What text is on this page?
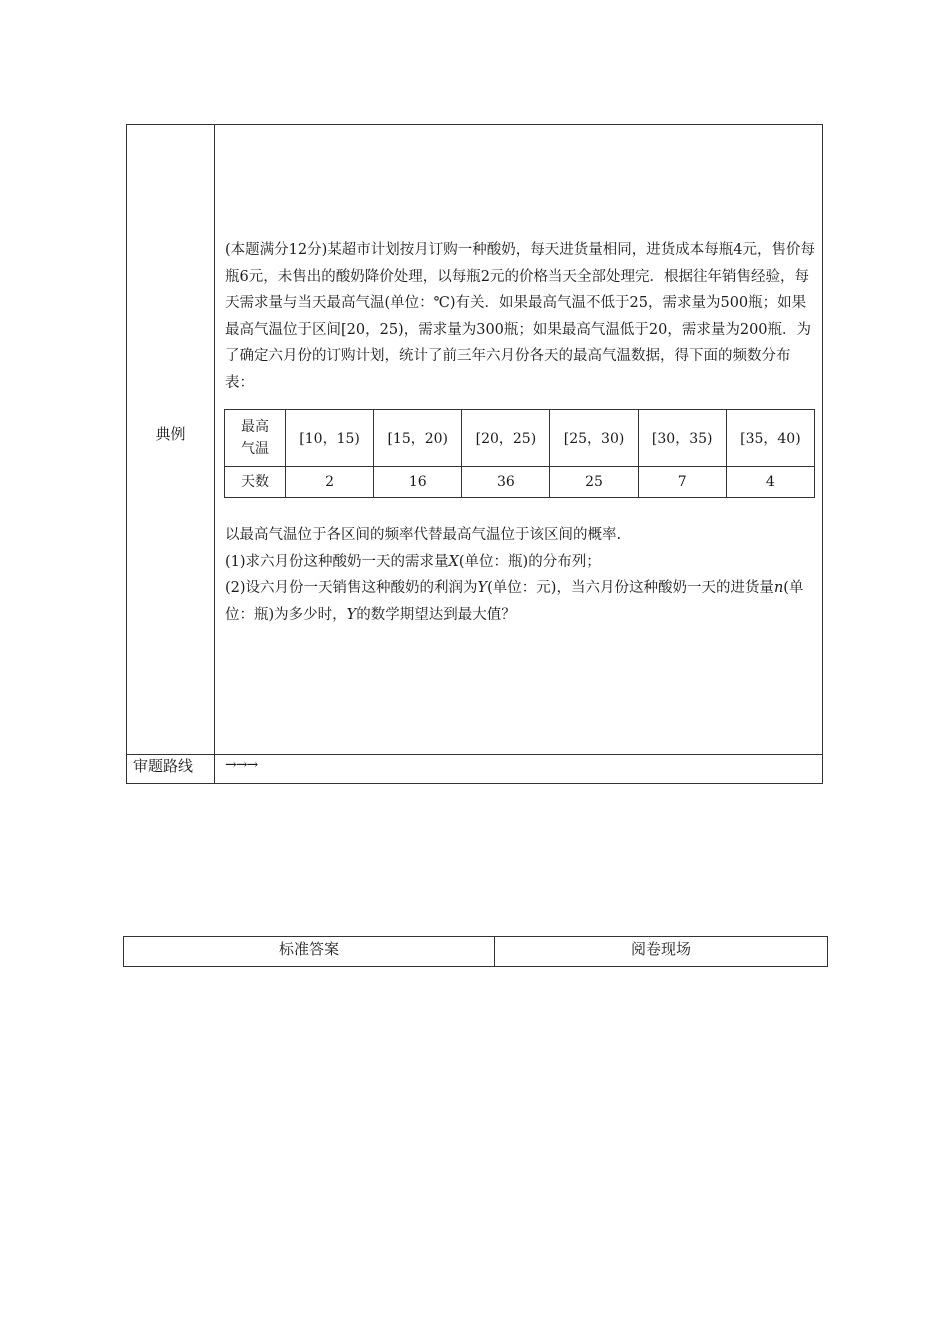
典例
审题路线 →→→
(本题满分12分)某超市计划按月订购一种酸奶，每天进货量相同，进货成本每瓶4元，售价每瓶6元，未售出的酸奶降价处理，以每瓶2元的价格当天全部处理完．根据往年销售经验，每天需求量与当天最高气温(单位：℃)有关．如果最高气温不低于25，需求量为500瓶；如果最高气温位于区间[20，25)，需求量为300瓶；如果最高气温低于20，需求量为200瓶．为了确定六月份的订购计划，统计了前三年六月份各天的最高气温数据，得下面的频数分布表：
最高
气温	[10，15)	[15，20)	[20，25)	[25，30)	[30，35)	[35，40)
天数	2	16	36	25	7	4
以最高气温位于各区间的频率代替最高气温位于该区间的概率.
(1)求六月份这种酸奶一天的需求量X(单位：瓶)的分布列；
(2)设六月份一天销售这种酸奶的利润为Y(单位：元)，当六月份这种酸奶一天的进货量n(单位：瓶)为多少时，Y的数学期望达到最大值？
标准答案	阅卷现场
